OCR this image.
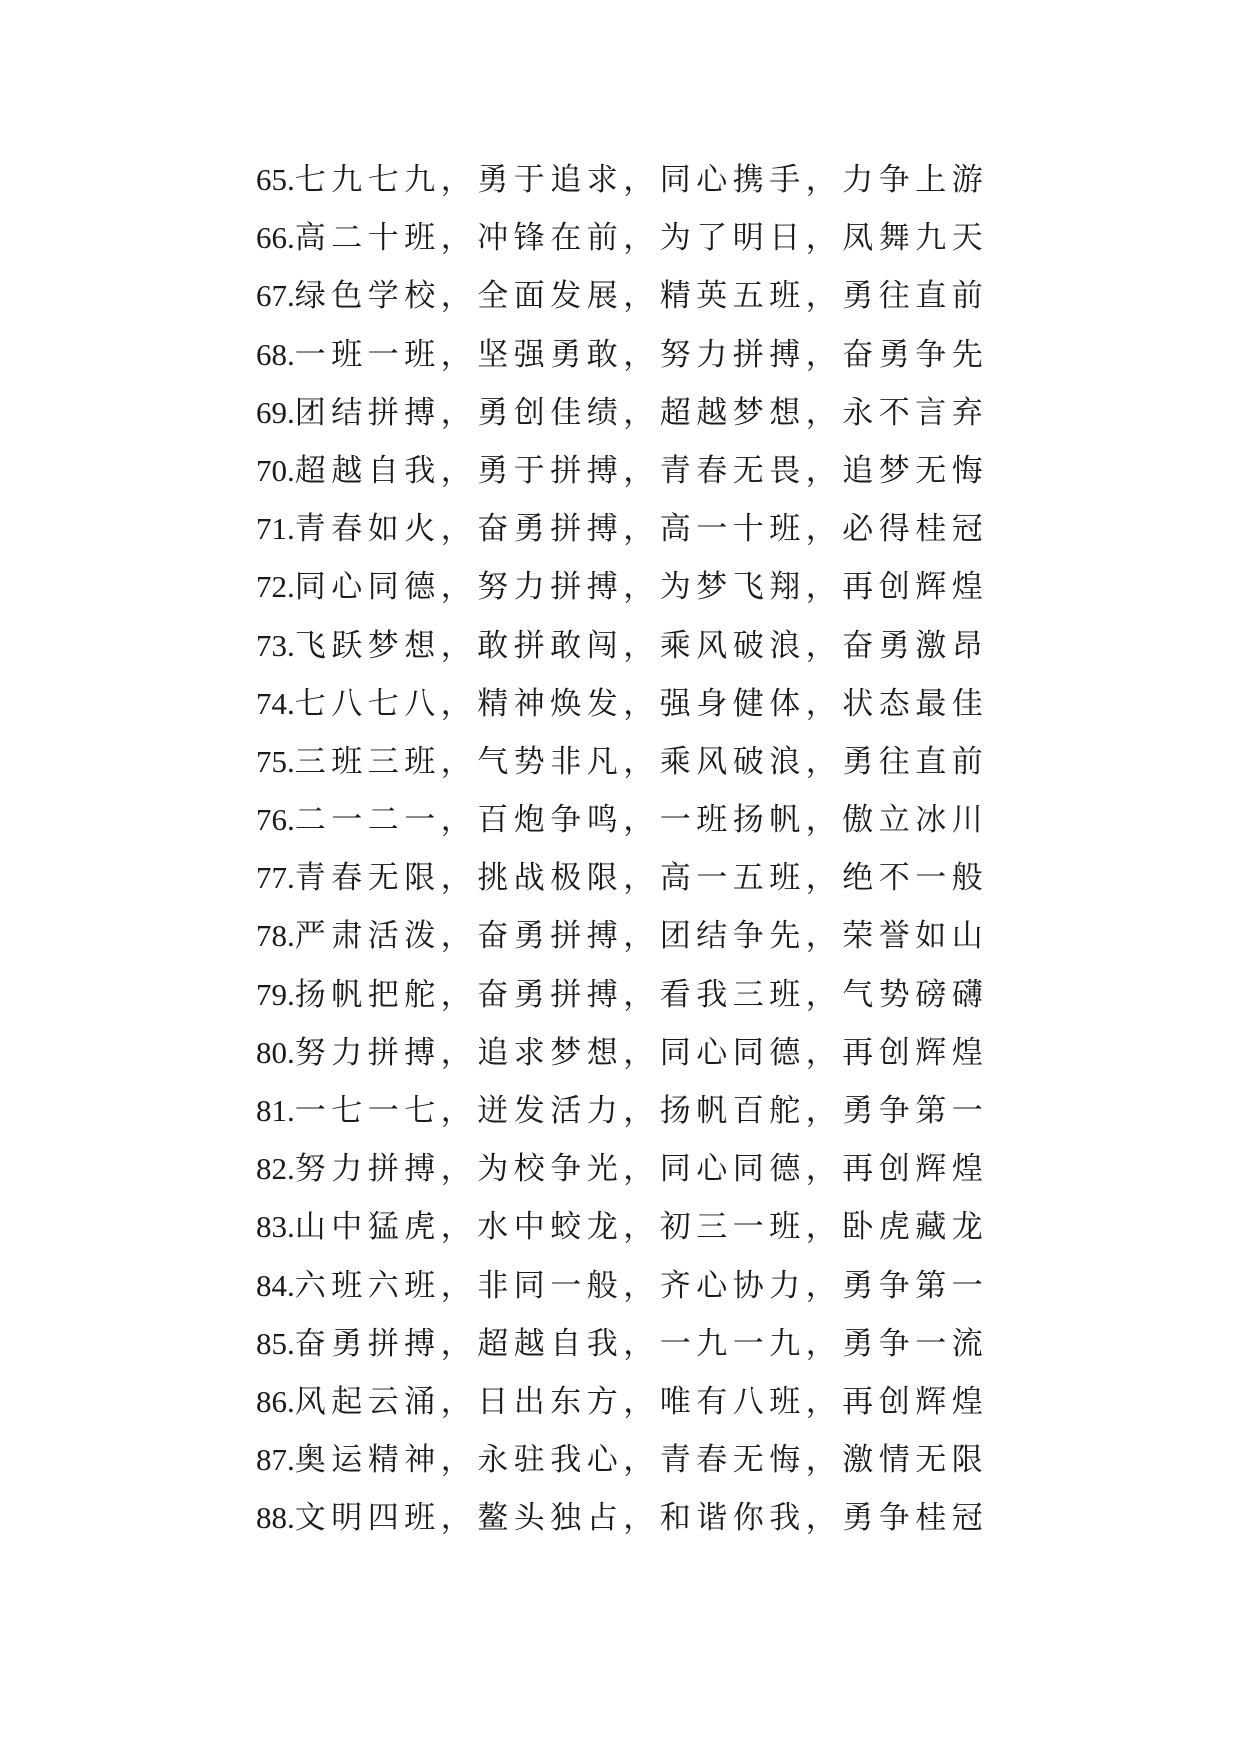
65.七九七九，勇于追求，同心携手，力争上游
66.高二十班，冲锋在前，为了明日，凤舞九天
67.绿色学校，全面发展，精英五班，勇往直前
68.一班一班，坚强勇敢，努力拼搏，奋勇争先
69.团结拼搏，勇创佳绩，超越梦想，永不言弃
70.超越自我，勇于拼搏，青春无畏，追梦无悔
71.青春如火，奋勇拼搏，高一十班，必得桂冠
72.同心同德，努力拼搏，为梦飞翔，再创辉煌
73.飞跃梦想，敢拼敢闯，乘风破浪，奋勇激昂
74.七八七八，精神焕发，强身健体，状态最佳
75.三班三班，气势非凡，乘风破浪，勇往直前
76.二一二一，百炮争鸣，一班扬帆，傲立冰川
77.青春无限，挑战极限，高一五班，绝不一般
78.严肃活泼，奋勇拼搏，团结争先，荣誉如山
79.扬帆把舵，奋勇拼搏，看我三班，气势磅礴
80.努力拼搏，追求梦想，同心同德，再创辉煌
81.一七一七，迸发活力，扬帆百舵，勇争第一
82.努力拼搏，为校争光，同心同德，再创辉煌
83.山中猛虎，水中蛟龙，初三一班，卧虎藏龙
84.六班六班，非同一般，齐心协力，勇争第一
85.奋勇拼搏，超越自我，一九一九，勇争一流
86.风起云涌，日出东方，唯有八班，再创辉煌
87.奥运精神，永驻我心，青春无悔，激情无限
88.文明四班，鳌头独占，和谐你我，勇争桂冠
